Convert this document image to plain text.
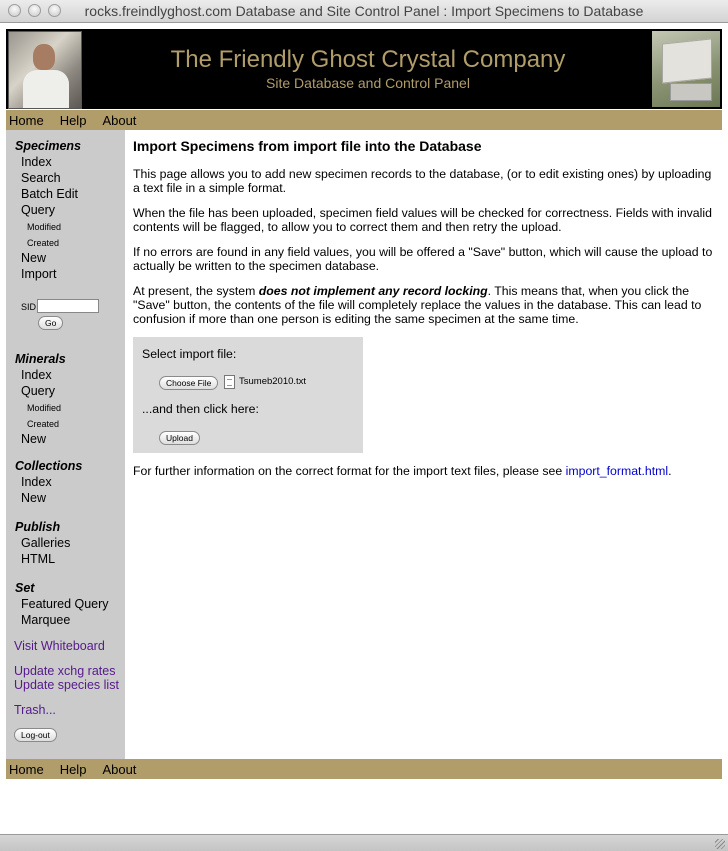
rocks.freindlyghost.com Database and Site Control Panel : Import Specimens to Database
The Friendly Ghost Crystal Company
Site Database and Control Panel
Home Help About
Specimens
Index
Search
Batch Edit
Query
Modified
Created
New
Import
SID
Go
Minerals
Index
Query
Modified
Created
New
Collections
Index
New
Publish
Galleries
HTML
Set
Featured Query
Marquee
Visit Whiteboard
Update xchg rates
Update species list
Trash...
Log-out
Import Specimens from import file into the Database

This page allows you to add new specimen records to the database, (or to edit existing ones) by uploading a text file in a simple format.

When the file has been uploaded, specimen field values will be checked for correctness. Fields with invalid contents will be flagged, to allow you to correct them and then retry the upload.

If no errors are found in any field values, you will be offered a "Save" button, which will cause the upload to actually be written to the specimen database.

At present, the system does not implement any record locking. This means that, when you click the "Save" button, the contents of the file will completely replace the values in the database. This can lead to confusion if more than one person is editing the same specimen at the same time.

Select import file:
Choose File	Tsumeb2010.txt
...and then click here:
Upload
For further information on the correct format for the import text files, please see import_format.html.
Home Help About
